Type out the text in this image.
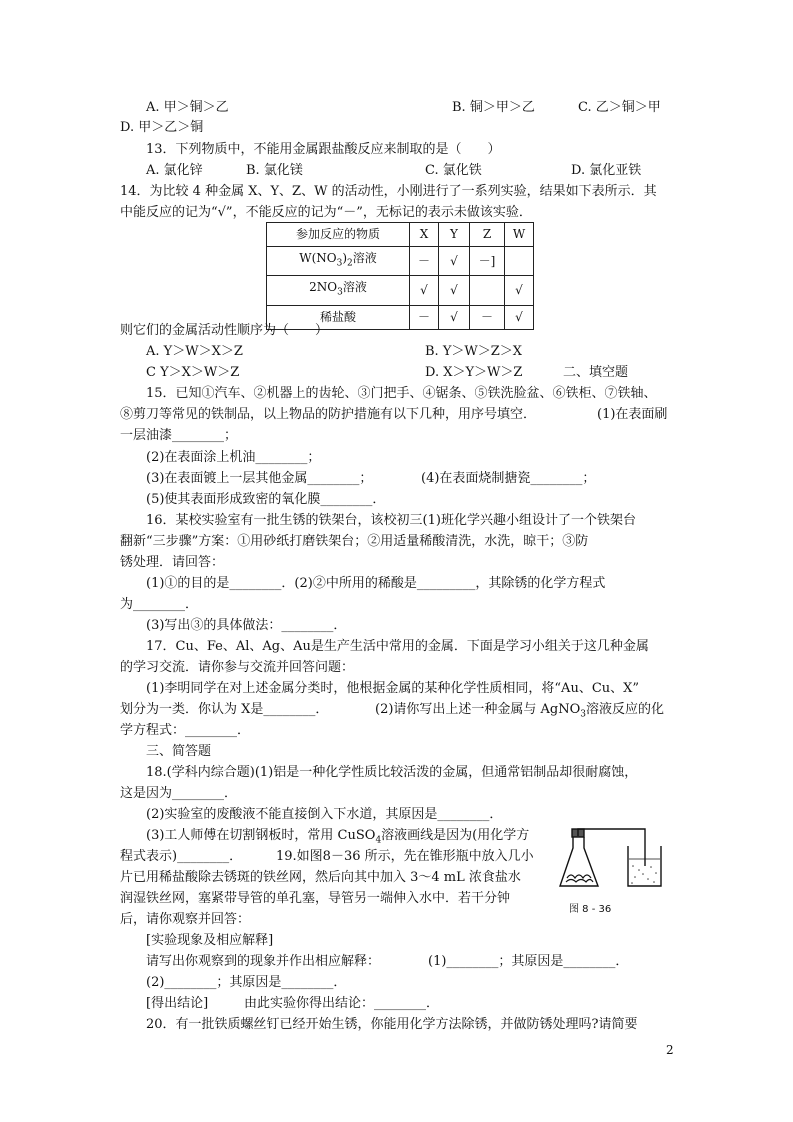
A. 甲＞铜＞乙	B. 铜＞甲＞乙	C. 乙＞铜＞甲
D. 甲＞乙＞铜
13．下列物质中，不能用金属跟盐酸反应来制取的是（　　）
A. 氯化锌	B. 氯化镁	C. 氯化铁	D. 氯化亚铁
14．为比较 4 种金属 X、Y、Z、W 的活动性，小刚进行了一系列实验，结果如下表所示．其
中能反应的记为“√”，不能反应的记为“－”，无标记的表示未做该实验．
参加反应的物质	X	Y	Z	W
$W(NO_3)_2$溶液	－	√	－]	
$2NO_3$溶液	√	√		√
稀盐酸	－	√	－	√
则它们的金属活动性顺序为（　　）
A. Y＞W＞X＞Z	B. Y＞W＞Z＞X
C Y＞X＞W＞Z	D. X＞Y＞W＞Z	二、填空题
15．已知①汽车、②机器上的齿轮、③门把手、④锯条、⑤铁洗脸盆、⑥铁柜、⑦铁轴、
⑧剪刀等常见的铁制品，以上物品的防护措施有以下几种，用序号填空．	(1)在表面刷
一层油漆________；
(2)在表面涂上机油________；
(3)在表面镀上一层其他金属________；	(4)在表面烧制搪瓷________；
(5)使其表面形成致密的氧化膜________．
16．某校实验室有一批生锈的铁架台，该校初三(1)班化学兴趣小组设计了一个铁架台
翻新“三步骤”方案：①用砂纸打磨铁架台；②用适量稀酸清洗，水洗，晾干；③防
锈处理．请回答：
(1)①的目的是________．(2)②中所用的稀酸是_________，其除锈的化学方程式
为________．
(3)写出③的具体做法：________．
17．Cu、Fe、Al、Ag、Au是生产生活中常用的金属．下面是学习小组关于这几种金属
的学习交流．请你参与交流并回答问题：
(1)李明同学在对上述金属分类时，他根据金属的某种化学性质相同，将“Au、Cu、X”
划分为一类．你认为 X是________．	(2)请你写出上述一种金属与 AgNO$_3$溶液反应的化
学方程式：________．
三、简答题
18.(学科内综合题)(1)铝是一种化学性质比较活泼的金属，但通常铝制品却很耐腐蚀，
这是因为________．
(2)实验室的废酸液不能直接倒入下水道，其原因是________．
(3)工人师傅在切割钢板时，常用 CuSO$_4$溶液画线是因为(用化学方
程式表示)________．	19.如图8－36 所示，先在锥形瓶中放入几小
片已用稀盐酸除去锈斑的铁丝网，然后向其中加入 3～4 mL 浓食盐水
润湿铁丝网，塞紧带导管的单孔塞，导管另一端伸入水中．若干分钟
后，请你观察并回答：
[实验现象及相应解释]
请写出你观察到的现象并作出相应解释：	(1)________；其原因是________．
(2)________；其原因是________．
[得出结论]	由此实验你得出结论：________．
20．有一批铁质螺丝钉已经开始生锈，你能用化学方法除锈，并做防锈处理吗?请简要
图 8 - 36
2
